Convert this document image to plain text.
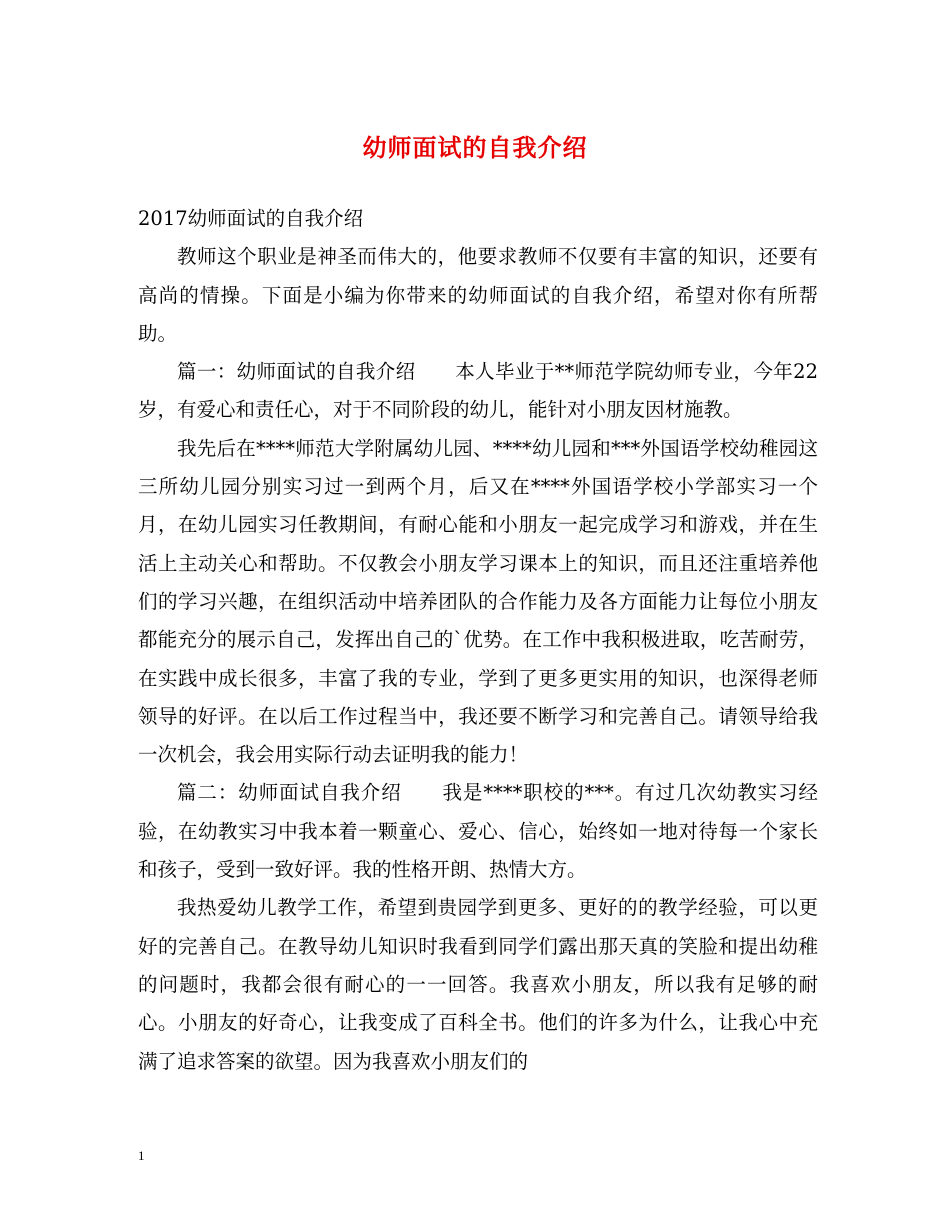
幼师面试的自我介绍

2017幼师面试的自我介绍

教师这个职业是神圣而伟大的，他要求教师不仅要有丰富的知识，还要有高尚的情操。下面是小编为你带来的幼师面试的自我介绍，希望对你有所帮助。

篇一：幼师面试的自我介绍　　本人毕业于**师范学院幼师专业，今年22岁，有爱心和责任心，对于不同阶段的幼儿，能针对小朋友因材施教。

我先后在****师范大学附属幼儿园、****幼儿园和***外国语学校幼稚园这三所幼儿园分别实习过一到两个月，后又在****外国语学校小学部实习一个月，在幼儿园实习任教期间，有耐心能和小朋友一起完成学习和游戏，并在生活上主动关心和帮助。不仅教会小朋友学习课本上的知识，而且还注重培养他们的学习兴趣，在组织活动中培养团队的合作能力及各方面能力让每位小朋友都能充分的展示自己，发挥出自己的`优势。在工作中我积极进取，吃苦耐劳，在实践中成长很多，丰富了我的专业，学到了更多更实用的知识，也深得老师领导的好评。在以后工作过程当中，我还要不断学习和完善自己。请领导给我一次机会，我会用实际行动去证明我的能力！

篇二：幼师面试自我介绍　　我是****职校的***。有过几次幼教实习经验，在幼教实习中我本着一颗童心、爱心、信心，始终如一地对待每一个家长和孩子，受到一致好评。我的性格开朗、热情大方。

我热爱幼儿教学工作，希望到贵园学到更多、更好的的教学经验，可以更好的完善自己。在教导幼儿知识时我看到同学们露出那天真的笑脸和提出幼稚的问题时，我都会很有耐心的一一回答。我喜欢小朋友，所以我有足够的耐心。小朋友的好奇心，让我变成了百科全书。他们的许多为什么，让我心中充满了追求答案的欲望。因为我喜欢小朋友们的

1
